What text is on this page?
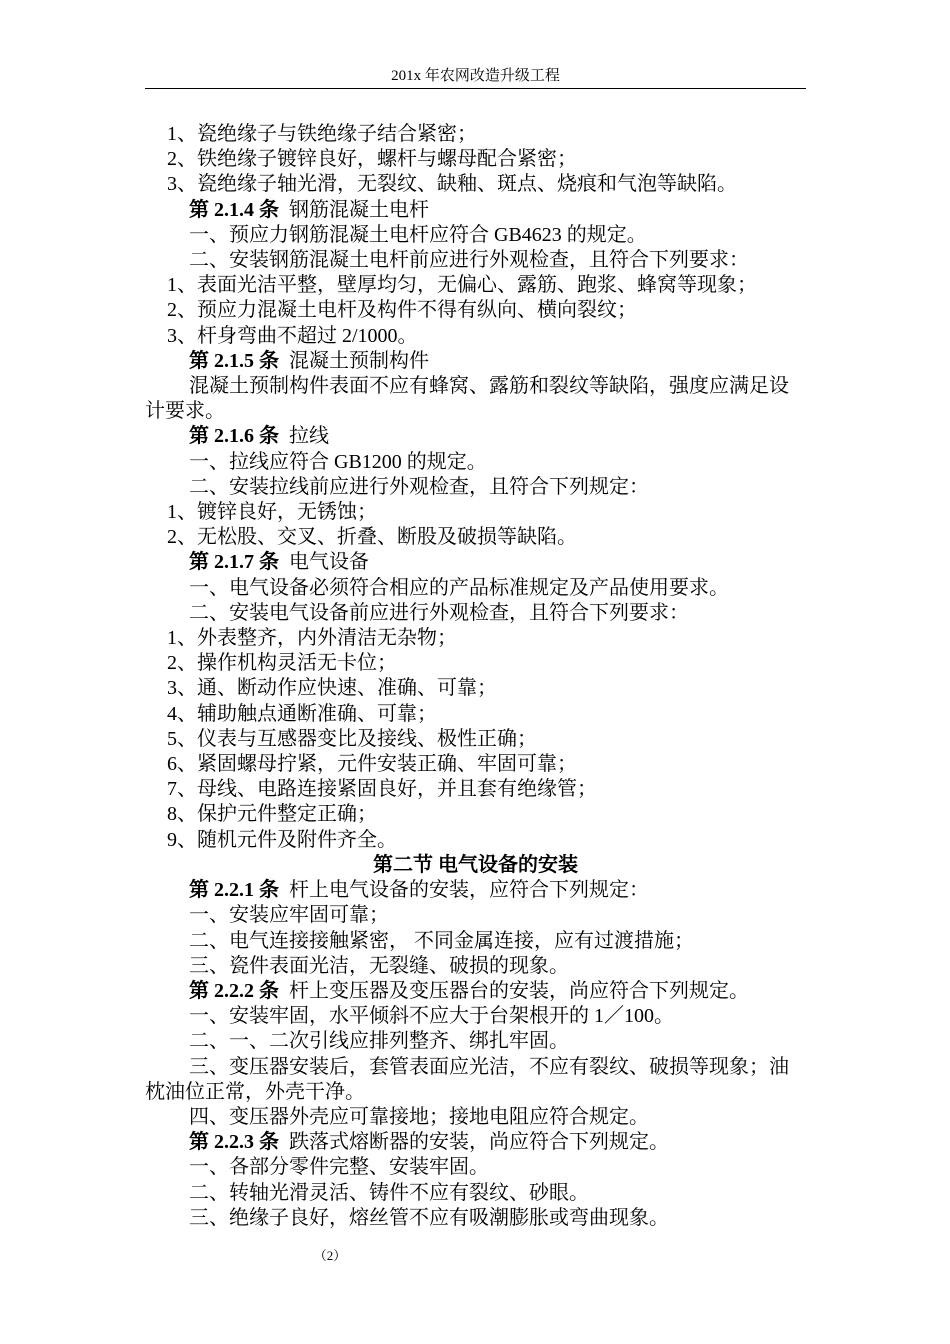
201x 年农网改造升级工程
1、瓷绝缘子与铁绝缘子结合紧密；
2、铁绝缘子镀锌良好，螺杆与螺母配合紧密；
3、瓷绝缘子轴光滑，无裂纹、缺釉、斑点、烧痕和气泡等缺陷。
第 2.1.4 条 钢筋混凝土电杆
一、预应力钢筋混凝土电杆应符合 GB4623 的规定。
二、安装钢筋混凝土电杆前应进行外观检查，且符合下列要求：
1、表面光洁平整，壁厚均匀，无偏心、露筋、跑浆、蜂窝等现象；
2、预应力混凝土电杆及构件不得有纵向、横向裂纹；
3、杆身弯曲不超过 2/1000。
第 2.1.5 条 混凝土预制构件
混凝土预制构件表面不应有蜂窝、露筋和裂纹等缺陷，强度应满足设计要求。
第 2.1.6 条 拉线
一、拉线应符合 GB1200 的规定。
二、安装拉线前应进行外观检查，且符合下列规定：
1、镀锌良好，无锈蚀；
2、无松股、交叉、折叠、断股及破损等缺陷。
第 2.1.7 条 电气设备
一、电气设备必须符合相应的产品标准规定及产品使用要求。
二、安装电气设备前应进行外观检查，且符合下列要求：
1、外表整齐，内外清洁无杂物；
2、操作机构灵活无卡位；
3、通、断动作应快速、准确、可靠；
4、辅助触点通断准确、可靠；
5、仪表与互感器变比及接线、极性正确；
6、紧固螺母拧紧，元件安装正确、牢固可靠；
7、母线、电路连接紧固良好，并且套有绝缘管；
8、保护元件整定正确；
9、随机元件及附件齐全。
第二节 电气设备的安装
第 2.2.1 条 杆上电气设备的安装，应符合下列规定：
一、安装应牢固可靠；
二、电气连接接触紧密， 不同金属连接，应有过渡措施；
三、瓷件表面光洁，无裂缝、破损的现象。
第 2.2.2 条 杆上变压器及变压器台的安装，尚应符合下列规定。
一、安装牢固，水平倾斜不应大于台架根开的 1／100。
二、一、二次引线应排列整齐、绑扎牢固。
三、变压器安装后，套管表面应光洁，不应有裂纹、破损等现象；油枕油位正常，外壳干净。
四、变压器外壳应可靠接地；接地电阻应符合规定。
第 2.2.3 条 跌落式熔断器的安装，尚应符合下列规定。
一、各部分零件完整、安装牢固。
二、转轴光滑灵活、铸件不应有裂纹、砂眼。
三、绝缘子良好，熔丝管不应有吸潮膨胀或弯曲现象。
（2）
